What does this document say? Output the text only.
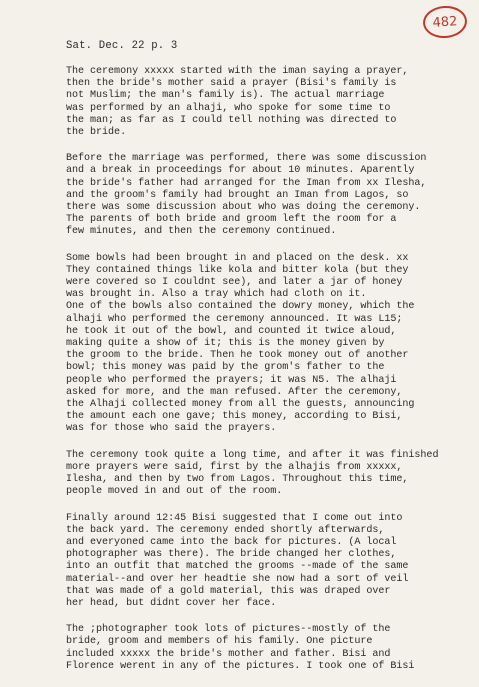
482
Sat. Dec. 22 p. 3
The ceremony xxxxx started with the iman saying a prayer,
then the bride's mother said a prayer (Bisi's family is
not Muslim; the man's family is). The actual marriage
was performed by an alhaji, who spoke for some time to
the man; as far as I could tell nothing was directed to
the bride.
Before the marriage was performed, there was some discussion
and a break in proceedings for about 10 minutes. Aparently
the bride's father had arranged for the Iman from xx Ilesha,
and the groom's family had brought an Iman from Lagos, so
there was some discussion about who was doing the ceremony.
The parents of both bride and groom left the room for a
few minutes, and then the ceremony continued.
Some bowls had been brought in and placed on the desk. xx
They contained things like kola and bitter kola (but they
were covered so I couldnt see), and later a jar of honey
was brought in. Also a tray which had cloth on it.
One of the bowls also contained the dowry money, which the
alhaji who performed the ceremony announced. It was L15;
he took it out of the bowl, and counted it twice aloud,
making quite a show of it; this is the money given by
the groom to the bride. Then he took money out of another
bowl; this money was paid by the grom's father to the
people who performed the prayers; it was N5. The alhaji
asked for more, and the man refused. After the ceremony,
the Alhaji collected money from all the guests, announcing
the amount each one gave; this money, according to Bisi,
was for those who said the prayers.
The ceremony took quite a long time, and after it was finished
more prayers were said, first by the alhajis from xxxxx,
Ilesha, and then by two from Lagos. Throughout this time,
people moved in and out of the room.
Finally around 12:45 Bisi suggested that I come out into
the back yard. The ceremony ended shortly afterwards,
and everyoned came into the back for pictures. (A local
photographer was there). The bride changed her clothes,
into an outfit that matched the grooms --made of the same
material--and over her headtie she now had a sort of veil
that was made of a gold material, this was draped over
her head, but didnt cover her face.
The ;photographer took lots of pictures--mostly of the
bride, groom and members of his family. One picture
included xxxxx the bride's mother and father. Bisi and
Florence werent in any of the pictures. I took one of Bisi
